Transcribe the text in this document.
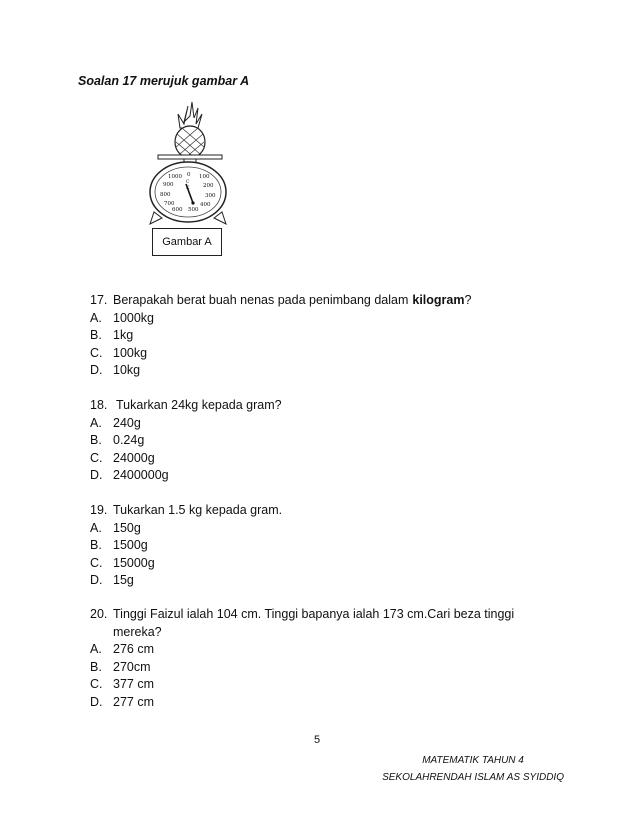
Soalan 17 merujuk gambar A
1000 0 100
900	200
800	300
700	400
600 500
C
Gambar A
17. Berapakah berat buah nenas pada penimbang dalam kilogram?
A. 1000kg
B. 1kg
C. 100kg
D. 10kg
18. Tukarkan 24kg kepada gram?
A. 240g
B. 0.24g
C. 24000g
D. 2400000g
19. Tukarkan 1.5 kg kepada gram.
A. 150g
B. 1500g
C. 15000g
D. 15g
20. Tinggi Faizul ialah 104 cm. Tinggi bapanya ialah 173 cm.Cari beza tinggi
mereka?
A. 276 cm
B. 270cm
C. 377 cm
D. 277 cm
5
MATEMATIK TAHUN 4
SEKOLAHRENDAH ISLAM AS SYIDDIQ
